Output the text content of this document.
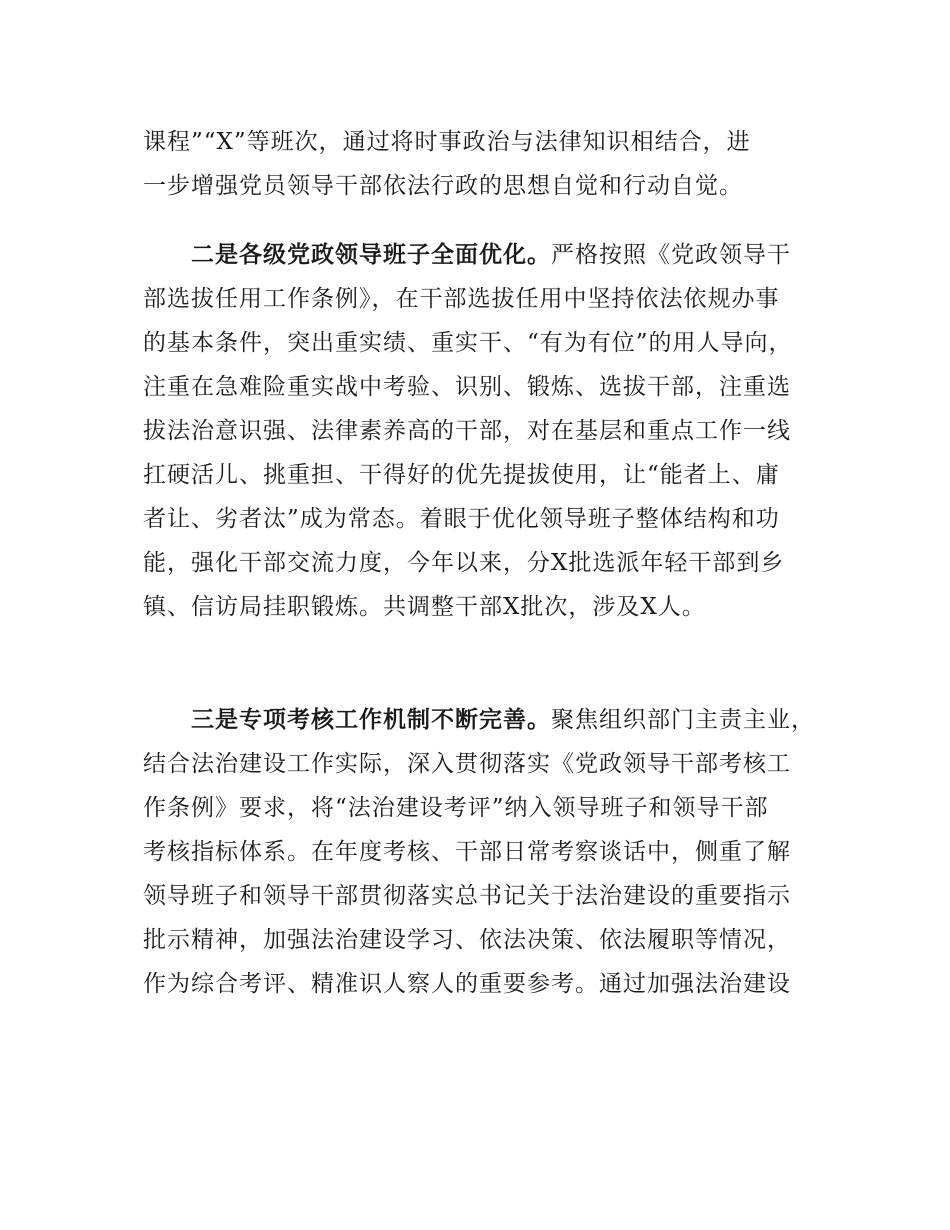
课程”“X”等班次，通过将时事政治与法律知识相结合，进
一步增强党员领导干部依法行政的思想自觉和行动自觉。
二是各级党政领导班子全面优化。严格按照《党政领导干
部选拔任用工作条例》，在干部选拔任用中坚持依法依规办事
的基本条件，突出重实绩、重实干、“有为有位”的用人导向，
注重在急难险重实战中考验、识别、锻炼、选拔干部，注重选
拔法治意识强、法律素养高的干部，对在基层和重点工作一线
扛硬活儿、挑重担、干得好的优先提拔使用，让“能者上、庸
者让、劣者汰”成为常态。着眼于优化领导班子整体结构和功
能，强化干部交流力度，今年以来，分X批选派年轻干部到乡
镇、信访局挂职锻炼。共调整干部X批次，涉及X人。
三是专项考核工作机制不断完善。聚焦组织部门主责主业，
结合法治建设工作实际，深入贯彻落实《党政领导干部考核工
作条例》要求，将“法治建设考评”纳入领导班子和领导干部
考核指标体系。在年度考核、干部日常考察谈话中，侧重了解
领导班子和领导干部贯彻落实总书记关于法治建设的重要指示
批示精神，加强法治建设学习、依法决策、依法履职等情况，
作为综合考评、精准识人察人的重要参考。通过加强法治建设
